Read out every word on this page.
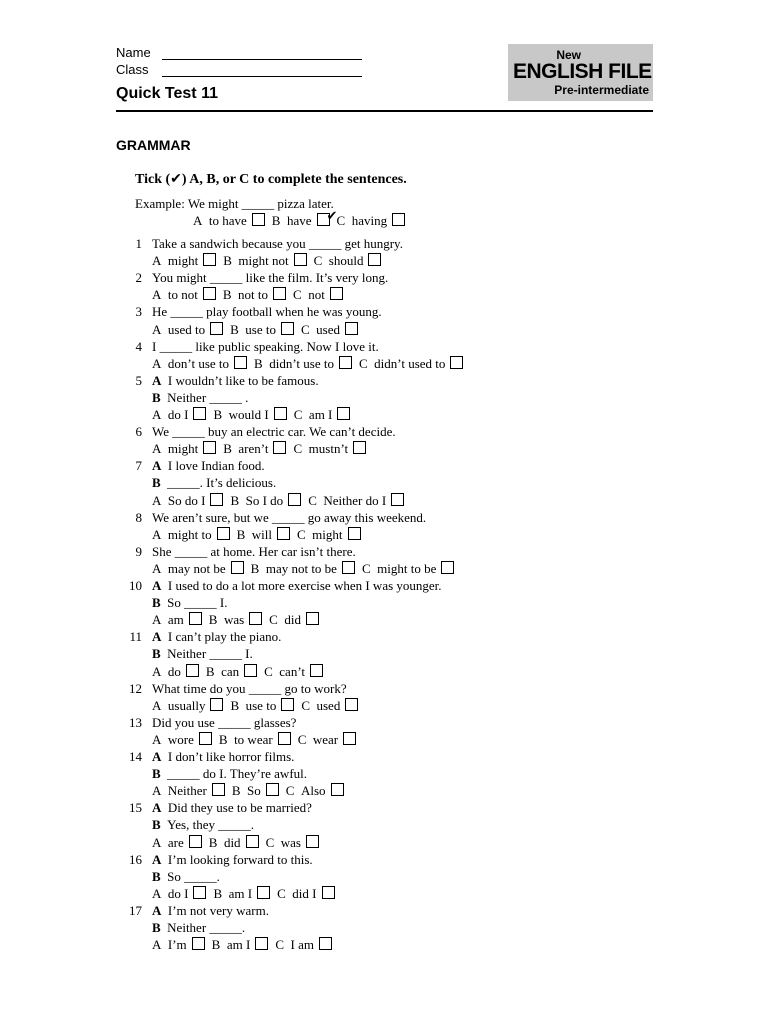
Name
Class
Quick Test 11
New
ENGLISH FILE
Pre-intermediate
GRAMMAR
Tick (✔) A, B, or C to complete the sentences.
Example: We might _____ pizza later.
A to have B have ✔ C having
1 Take a sandwich because you _____ get hungry.
A might B might not C should
2 You might _____ like the film. It’s very long.
A to not B not to C not
3 He _____ play football when he was young.
A used to B use to C used
4 I _____ like public speaking. Now I love it.
A don’t use to B didn’t use to C didn’t used to
5 A I wouldn’t like to be famous.
B Neither _____ .
A do I B would I C am I
6 We _____ buy an electric car. We can’t decide.
A might B aren’t C mustn’t
7 A I love Indian food.
B _____. It’s delicious.
A So do I B So I do C Neither do I
8 We aren’t sure, but we _____ go away this weekend.
A might to B will C might
9 She _____ at home. Her car isn’t there.
A may not be B may not to be C might to be
10 A I used to do a lot more exercise when I was younger.
B So _____ I.
A am B was C did
11 A I can’t play the piano.
B Neither _____ I.
A do B can C can’t
12 What time do you _____ go to work?
A usually B use to C used
13 Did you use _____ glasses?
A wore B to wear C wear
14 A I don’t like horror films.
B _____ do I. They’re awful.
A Neither B So C Also
15 A Did they use to be married?
B Yes, they _____.
A are B did C was
16 A I’m looking forward to this.
B So _____.
A do I B am I C did I
17 A I’m not very warm.
B Neither _____.
A I’m B am I C I am
